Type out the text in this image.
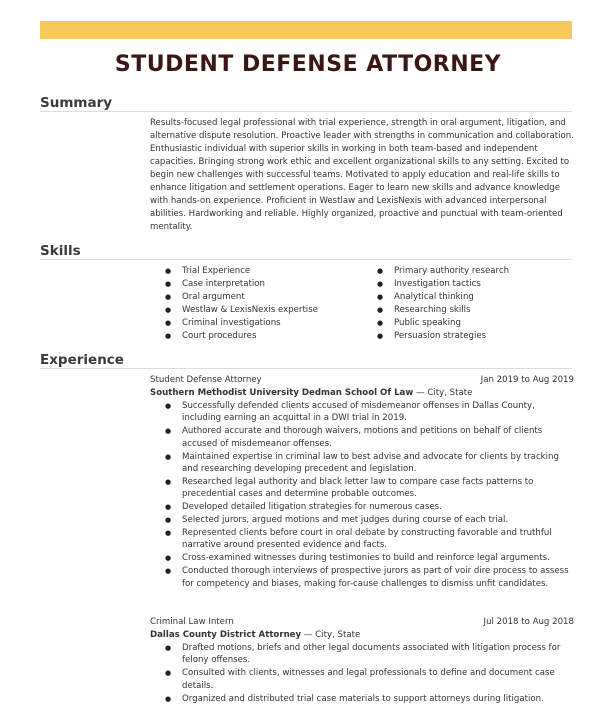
STUDENT DEFENSE ATTORNEY
Summary
Results-focused legal professional with trial experience, strength in oral argument, litigation, and alternative dispute resolution. Proactive leader with strengths in communication and collaboration. Enthusiastic individual with superior skills in working in both team-based and independent capacities. Bringing strong work ethic and excellent organizational skills to any setting. Excited to begin new challenges with successful teams. Motivated to apply education and real-life skills to enhance litigation and settlement operations. Eager to learn new skills and advance knowledge with hands-on experience. Proficient in Westlaw and LexisNexis with advanced interpersonal abilities. Hardworking and reliable. Highly organized, proactive and punctual with team-oriented mentality.
Skills
● Trial Experience
● Case interpretation
● Oral argument
● Westlaw & LexisNexis expertise
● Criminal investigations
● Court procedures
● Primary authority research
● Investigation tactics
● Analytical thinking
● Researching skills
● Public speaking
● Persuasion strategies
Experience
Student Defense Attorney	Jan 2019 to Aug 2019
Southern Methodist University Dedman School Of Law — City, State
● Successfully defended clients accused of misdemeanor offenses in Dallas County, including earning an acquittal in a DWI trial in 2019.
● Authored accurate and thorough waivers, motions and petitions on behalf of clients accused of misdemeanor offenses.
● Maintained expertise in criminal law to best advise and advocate for clients by tracking and researching developing precedent and legislation.
● Researched legal authority and black letter law to compare case facts patterns to precedential cases and determine probable outcomes.
● Developed detailed litigation strategies for numerous cases.
● Selected jurors, argued motions and met judges during course of each trial.
● Represented clients before court in oral debate by constructing favorable and truthful narrative around presented evidence and facts.
● Cross-examined witnesses during testimonies to build and reinforce legal arguments.
● Conducted thorough interviews of prospective jurors as part of voir dire process to assess for competency and biases, making for-cause challenges to dismiss unfit candidates.
Criminal Law Intern	Jul 2018 to Aug 2018
Dallas County District Attorney — City, State
● Drafted motions, briefs and other legal documents associated with litigation process for felony offenses.
● Consulted with clients, witnesses and legal professionals to define and document case details.
● Organized and distributed trial case materials to support attorneys during litigation.
